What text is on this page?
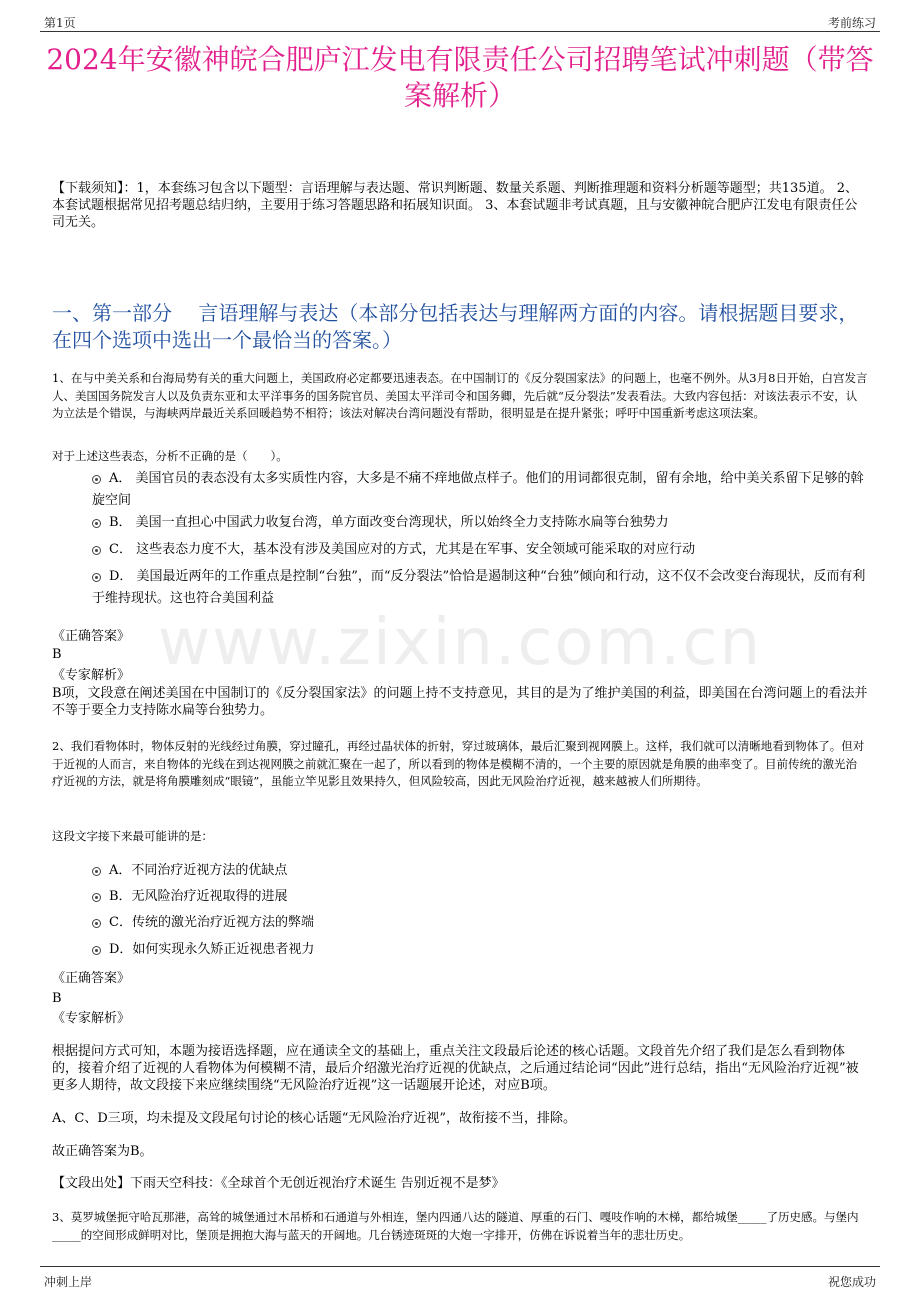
第1页	考前练习
2024年安徽神皖合肥庐江发电有限责任公司招聘笔试冲刺题（带答案解析）
【下载须知】：1，本套练习包含以下题型：言语理解与表达题、常识判断题、数量关系题、判断推理题和资料分析题等题型；共135道。 2、本套试题根据常见招考题总结归纳，主要用于练习答题思路和拓展知识面。 3、本套试题非考试真题，且与安徽神皖合肥庐江发电有限责任公司无关。
一、第一部分　 言语理解与表达（本部分包括表达与理解两方面的内容。请根据题目要求，在四个选项中选出一个最恰当的答案。）
1、在与中美关系和台海局势有关的重大问题上，美国政府必定都要迅速表态。在中国制订的《反分裂国家法》的问题上，也毫不例外。从3月8日开始，白宫发言人、美国国务院发言人以及负责东亚和太平洋事务的国务院官员、美国太平洋司令和国务卿，先后就“反分裂法”发表看法。大致内容包括：对该法表示不安，认为立法是个错误，与海峡两岸最近关系回暖趋势不相符；该法对解决台湾问题没有帮助，很明显是在提升紧张；呼吁中国重新考虑这项法案。
对于上述这些表态，分析不正确的是（　　）。
A． 美国官员的表态没有太多实质性内容，大多是不痛不痒地做点样子。他们的用词都很克制，留有余地，给中美关系留下足够的斡旋空间
B． 美国一直担心中国武力收复台湾，单方面改变台湾现状，所以始终全力支持陈水扁等台独势力
C． 这些表态力度不大，基本没有涉及美国应对的方式，尤其是在军事、安全领域可能采取的对应行动
D． 美国最近两年的工作重点是控制“台独”，而“反分裂法”恰恰是遏制这种“台独”倾向和行动，这不仅不会改变台海现状，反而有利于维持现状。这也符合美国利益
www.zixin.com.cn
《正确答案》
B
《专家解析》
B项，文段意在阐述美国在中国制订的《反分裂国家法》的问题上持不支持意见，其目的是为了维护美国的利益，即美国在台湾问题上的看法并不等于要全力支持陈水扁等台独势力。
2、我们看物体时，物体反射的光线经过角膜，穿过瞳孔，再经过晶状体的折射，穿过玻璃体，最后汇聚到视网膜上。这样，我们就可以清晰地看到物体了。但对于近视的人而言，来自物体的光线在到达视网膜之前就汇聚在一起了，所以看到的物体是模糊不清的，一个主要的原因就是角膜的曲率变了。目前传统的激光治疗近视的方法，就是将角膜雕刻成“眼镜”，虽能立竿见影且效果持久，但风险较高，因此无风险治疗近视，越来越被人们所期待。
这段文字接下来最可能讲的是：
A．不同治疗近视方法的优缺点
B．无风险治疗近视取得的进展
C．传统的激光治疗近视方法的弊端
D．如何实现永久矫正近视患者视力
《正确答案》
B
《专家解析》
根据提问方式可知，本题为接语选择题，应在通读全文的基础上，重点关注文段最后论述的核心话题。文段首先介绍了我们是怎么看到物体的，接着介绍了近视的人看物体为何模糊不清，最后介绍激光治疗近视的优缺点，之后通过结论词“因此”进行总结，指出“无风险治疗近视”被更多人期待，故文段接下来应继续围绕“无风险治疗近视”这一话题展开论述，对应B项。
A、C、D三项，均未提及文段尾句讨论的核心话题“无风险治疗近视”，故衔接不当，排除。
故正确答案为B。
【文段出处】下雨天空科技：《全球首个无创近视治疗术诞生 告别近视不是梦》
3、莫罗城堡扼守哈瓦那港，高耸的城堡通过木吊桥和石通道与外相连，堡内四通八达的隧道、厚重的石门、嘎吱作响的木梯，都给城堡_____了历史感。与堡内_____的空间形成鲜明对比，堡顶是拥抱大海与蓝天的开阔地。几台锈迹斑斑的大炮一字排开，仿佛在诉说着当年的悲壮历史。
冲刺上岸	祝您成功
